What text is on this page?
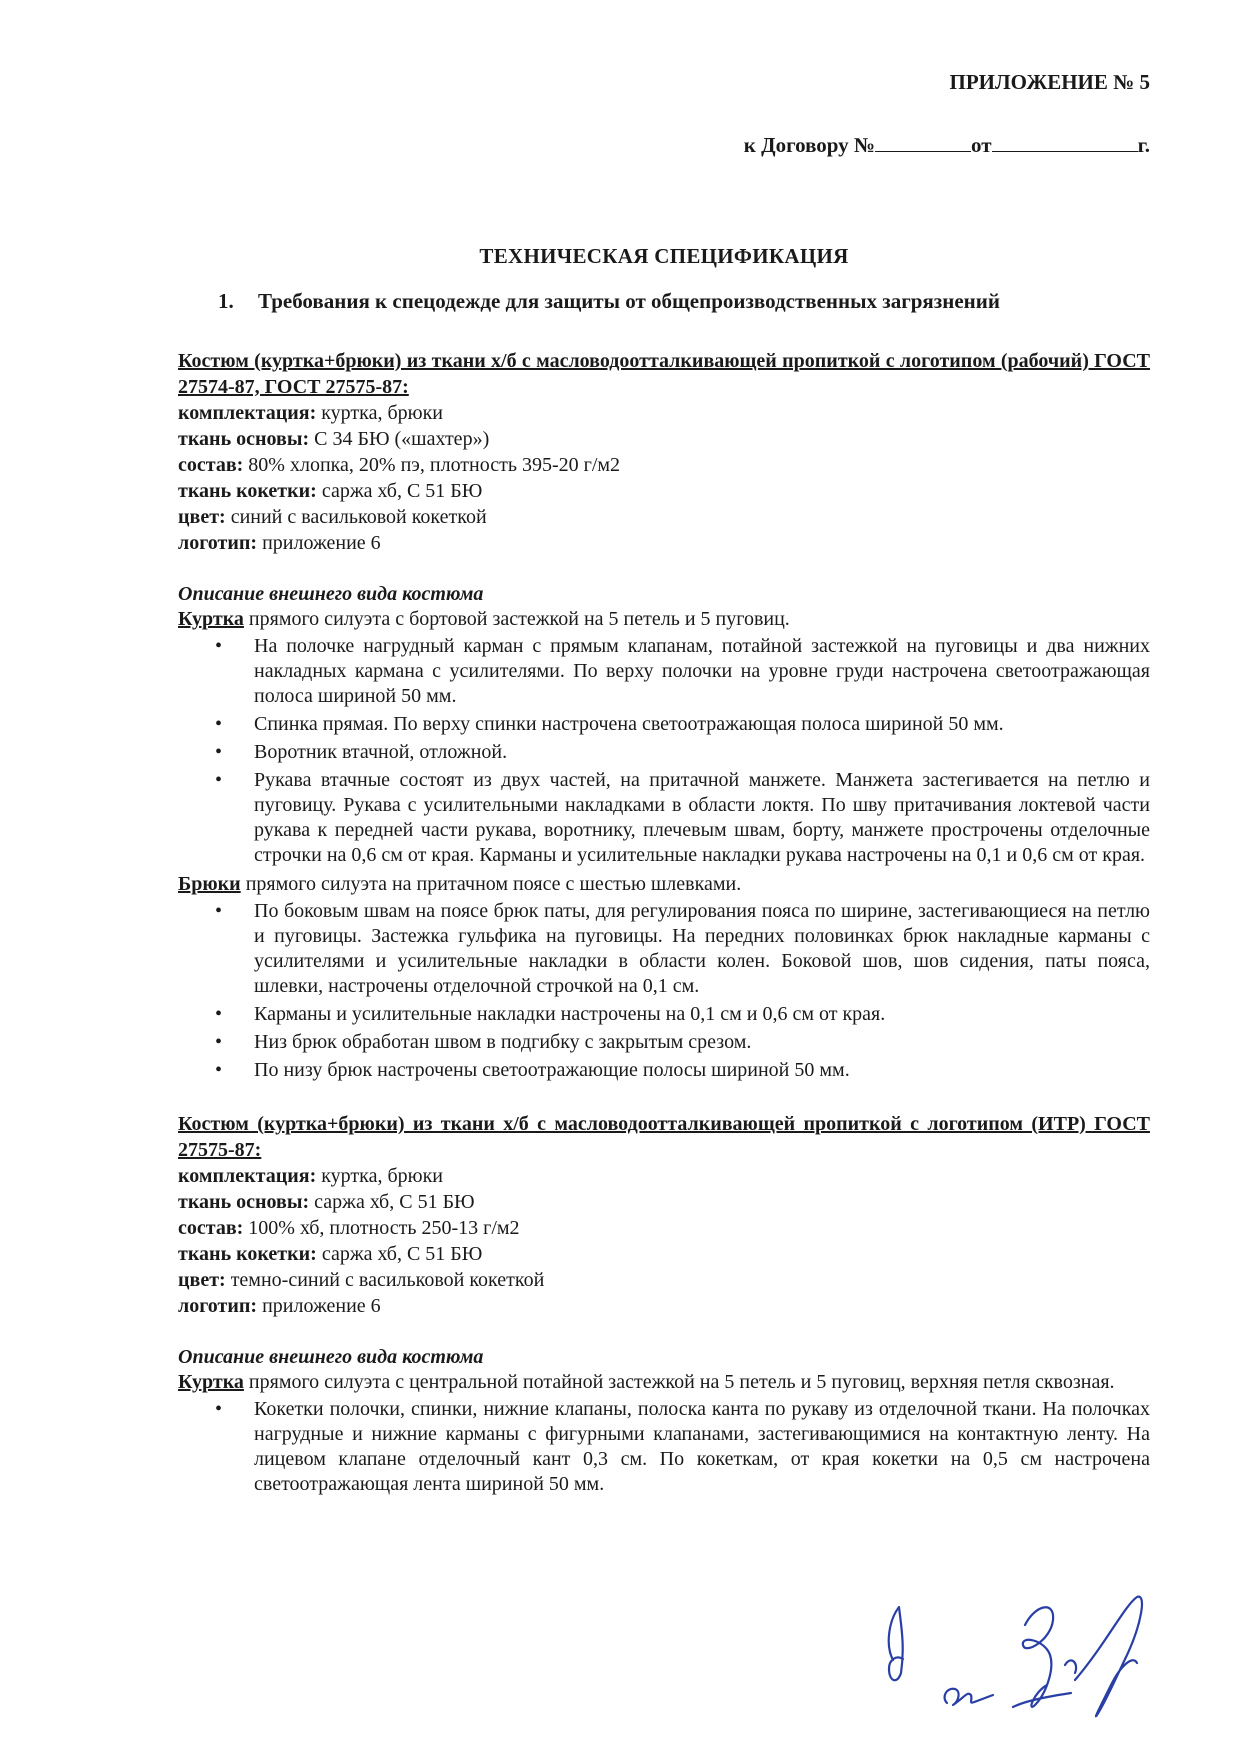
ПРИЛОЖЕНИЕ № 5

к Договору №	от	г.

ТЕХНИЧЕСКАЯ СПЕЦИФИКАЦИЯ

1. Требования к спецодежде для защиты от общепроизводственных загрязнений

Костюм (куртка+брюки) из ткани х/б с масловодоотталкивающей пропиткой с логотипом (рабочий) ГОСТ 27574-87, ГОСТ 27575-87:

комплектация: куртка, брюки

ткань основы: С 34 БЮ («шахтер»)

состав: 80% хлопка, 20% пэ, плотность 395-20 г/м2

ткань кокетки: саржа хб, С 51 БЮ

цвет: синий с васильковой кокеткой

логотип: приложение 6

Описание внешнего вида костюма

Куртка прямого силуэта с бортовой застежкой на 5 петель и 5 пуговиц.

• На полочке нагрудный карман с прямым клапанам, потайной застежкой на пуговицы и два нижних накладных кармана с усилителями. По верху полочки на уровне груди настрочена светоотражающая полоса шириной 50 мм.
• Спинка прямая. По верху спинки настрочена светоотражающая полоса шириной 50 мм.
• Воротник втачной, отложной.
• Рукава втачные состоят из двух частей, на притачной манжете. Манжета застегивается на петлю и пуговицу. Рукава с усилительными накладками в области локтя. По шву притачивания локтевой части рукава к передней части рукава, воротнику, плечевым швам, борту, манжете прострочены отделочные строчки на 0,6 см от края. Карманы и усилительные накладки рукава настрочены на 0,1 и 0,6 см от края.

Брюки прямого силуэта на притачном поясе с шестью шлевками.

• По боковым швам на поясе брюк паты, для регулирования пояса по ширине, застегивающиеся на петлю и пуговицы. Застежка гульфика на пуговицы. На передних половинках брюк накладные карманы с усилителями и усилительные накладки в области колен. Боковой шов, шов сидения, паты пояса, шлевки, настрочены отделочной строчкой на 0,1 см.
• Карманы и усилительные накладки настрочены на 0,1 см и 0,6 см от края.
• Низ брюк обработан швом в подгибку с закрытым срезом.
• По низу брюк настрочены светоотражающие полосы шириной 50 мм.

Костюм (куртка+брюки) из ткани х/б с масловодоотталкивающей пропиткой с логотипом (ИТР) ГОСТ 27575-87:

комплектация: куртка, брюки

ткань основы: саржа хб, С 51 БЮ

состав: 100% хб, плотность 250-13 г/м2

ткань кокетки: саржа хб, С 51 БЮ

цвет: темно-синий с васильковой кокеткой

логотип: приложение 6

Описание внешнего вида костюма

Куртка прямого силуэта с центральной потайной застежкой на 5 петель и 5 пуговиц, верхняя петля сквозная.

• Кокетки полочки, спинки, нижние клапаны, полоска канта по рукаву из отделочной ткани. На полочках нагрудные и нижние карманы с фигурными клапанами, застегивающимися на контактную ленту. На лицевом клапане отделочный кант 0,3 см. По кокеткам, от края кокетки на 0,5 см настрочена светоотражающая лента шириной 50 мм.
